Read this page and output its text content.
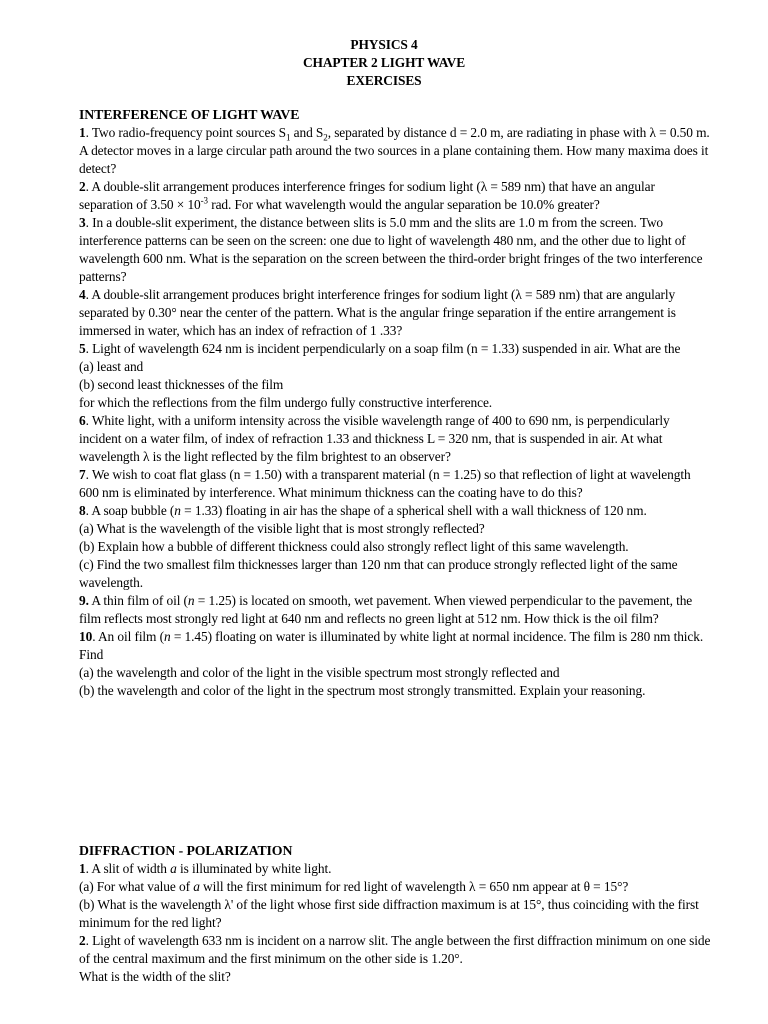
PHYSICS 4
CHAPTER 2 LIGHT WAVE
EXERCISES
INTERFERENCE OF LIGHT WAVE

1. Two radio-frequency point sources $S_1$ and $S_2$, separated by distance d = 2.0 m, are radiating in phase with λ = 0.50 m. A detector moves in a large circular path around the two sources in a plane containing them. How many maxima does it detect?

2. A double-slit arrangement produces interference fringes for sodium light (λ = 589 nm) that have an angular separation of $3.50 \times 10^{-3}$ rad. For what wavelength would the angular separation be 10.0% greater?

3. In a double-slit experiment, the distance between slits is 5.0 mm and the slits are 1.0 m from the screen. Two interference patterns can be seen on the screen: one due to light of wavelength 480 nm, and the other due to light of wavelength 600 nm. What is the separation on the screen between the third-order bright fringes of the two interference patterns?

4. A double-slit arrangement produces bright interference fringes for sodium light (λ = 589 nm) that are angularly separated by 0.30° near the center of the pattern. What is the angular fringe separation if the entire arrangement is immersed in water, which has an index of refraction of 1 .33?

5. Light of wavelength 624 nm is incident perpendicularly on a soap film (n = 1.33) suspended in air. What are the

(a) least and

(b) second least thicknesses of the film

for which the reflections from the film undergo fully constructive interference.

6. White light, with a uniform intensity across the visible wavelength range of 400 to 690 nm, is perpendicularly incident on a water film, of index of refraction 1.33 and thickness L = 320 nm, that is suspended in air. At what wavelength λ is the light reflected by the film brightest to an observer?

7. We wish to coat flat glass (n = 1.50) with a transparent material (n = 1.25) so that reflection of light at wavelength 600 nm is eliminated by interference. What minimum thickness can the coating have to do this?

8. A soap bubble (n = 1.33) floating in air has the shape of a spherical shell with a wall thickness of 120 nm.

(a) What is the wavelength of the visible light that is most strongly reflected?

(b) Explain how a bubble of different thickness could also strongly reflect light of this same wavelength.

(c) Find the two smallest film thicknesses larger than 120 nm that can produce strongly reflected light of the same wavelength.

9. A thin film of oil (n = 1.25) is located on smooth, wet pavement. When viewed perpendicular to the pavement, the film reflects most strongly red light at 640 nm and reflects no green light at 512 nm. How thick is the oil film?

10. An oil film (n = 1.45) floating on water is illuminated by white light at normal incidence. The film is 280 nm thick. Find

(a) the wavelength and color of the light in the visible spectrum most strongly reflected and

(b) the wavelength and color of the light in the spectrum most strongly transmitted. Explain your reasoning.

DIFFRACTION - POLARIZATION

1. A slit of width a is illuminated by white light.

(a) For what value of a will the first minimum for red light of wavelength λ = 650 nm appear at θ = 15°?

(b) What is the wavelength λ' of the light whose first side diffraction maximum is at 15°, thus coinciding with the first minimum for the red light?

2. Light of wavelength 633 nm is incident on a narrow slit. The angle between the first diffraction minimum on one side of the central maximum and the first minimum on the other side is 1.20°.

What is the width of the slit?
